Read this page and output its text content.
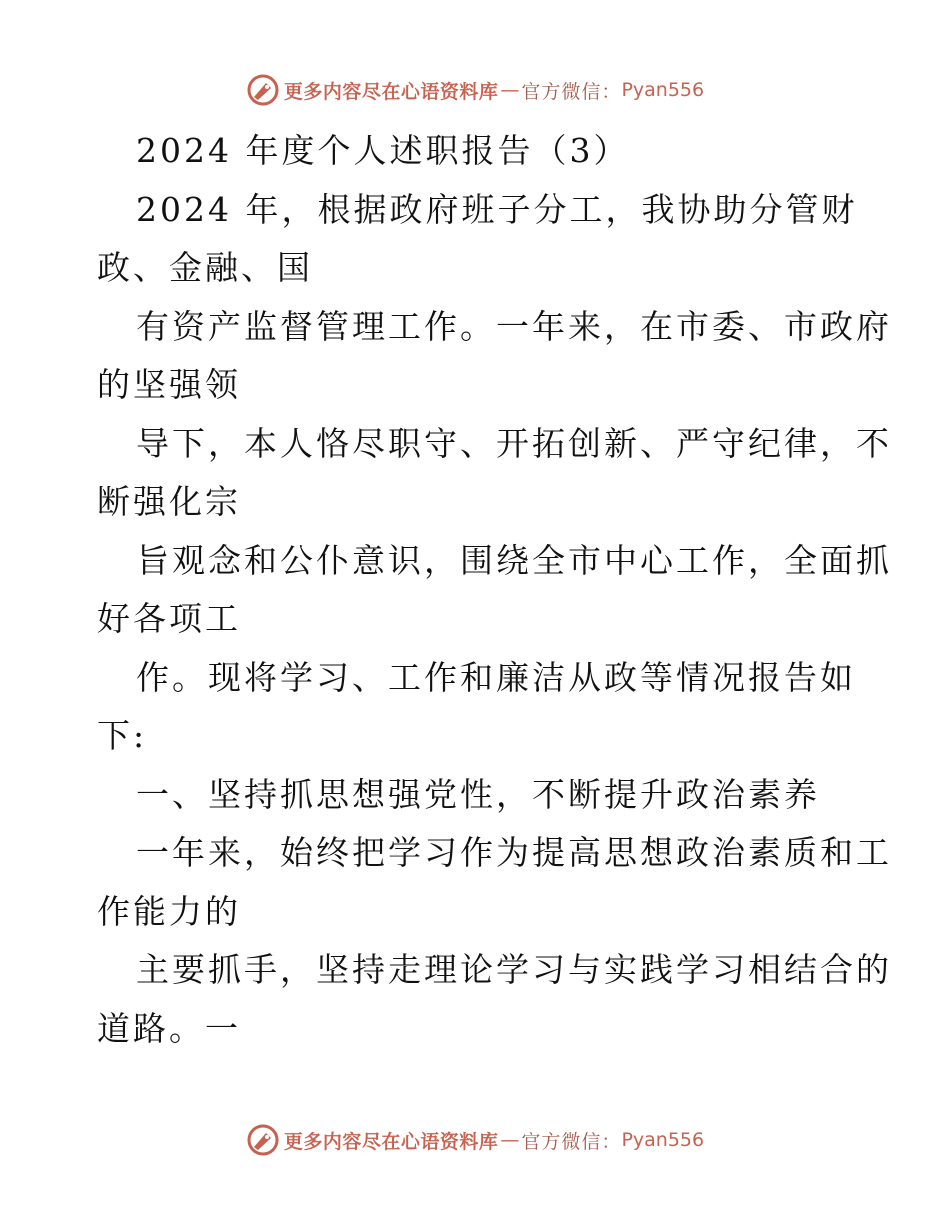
更多内容尽在心语资料库 — 官方微信： Pyan556

2024 年度个人述职报告（3）

2024 年，根据政府班子分工，我协助分管财

政、金融、国

有资产监督管理工作。一年来，在市委、市政府

的坚强领

导下，本人恪尽职守、开拓创新、严守纪律，不

断强化宗

旨观念和公仆意识，围绕全市中心工作，全面抓

好各项工

作。现将学习、工作和廉洁从政等情况报告如

下:

一、坚持抓思想强党性，不断提升政治素养

一年来，始终把学习作为提高思想政治素质和工

作能力的

主要抓手，坚持走理论学习与实践学习相结合的

道路。一

更多内容尽在心语资料库 — 官方微信： Pyan556
